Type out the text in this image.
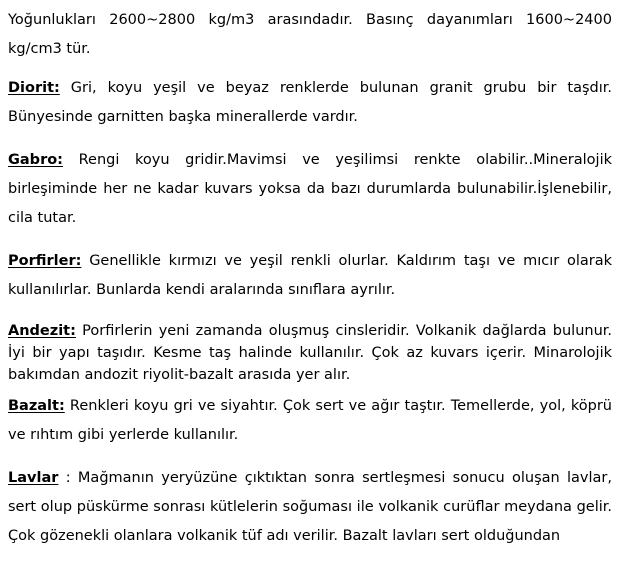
Yoğunlukları 2600~2800 kg/m3 arasındadır. Basınç dayanımları 1600~2400 kg/cm3 tür.

Diorit: Gri, koyu yeşil ve beyaz renklerde bulunan granit grubu bir taşdır. Bünyesinde garnitten başka minerallerde vardır.

Gabro: Rengi koyu gridir.Mavimsi ve yeşilimsi renkte olabilir..Mineralojik birleşiminde her ne kadar kuvars yoksa da bazı durumlarda bulunabilir.İşlenebilir, cila tutar.

Porfirler: Genellikle kırmızı ve yeşil renkli olurlar. Kaldırım taşı ve mıcır olarak kullanılırlar. Bunlarda kendi aralarında sınıflara ayrılır.

Andezit: Porfirlerin yeni zamanda oluşmuş cinsleridir. Volkanik dağlarda bulunur. İyi bir yapı taşıdır. Kesme taş halinde kullanılır. Çok az kuvars içerir. Minarolojik bakımdan andozit riyolit-bazalt arasıda yer alır.

Bazalt: Renkleri koyu gri ve siyahtır. Çok sert ve ağır taştır. Temellerde, yol, köprü ve rıhtım gibi yerlerde kullanılır.

Lavlar : Mağmanın yeryüzüne çıktıktan sonra sertleşmesi sonucu oluşan lavlar, sert olup püskürme sonrası kütlelerin soğuması ile volkanik curüflar meydana gelir. Çok gözenekli olanlara volkanik tüf adı verilir. Bazalt lavları sert olduğundan
